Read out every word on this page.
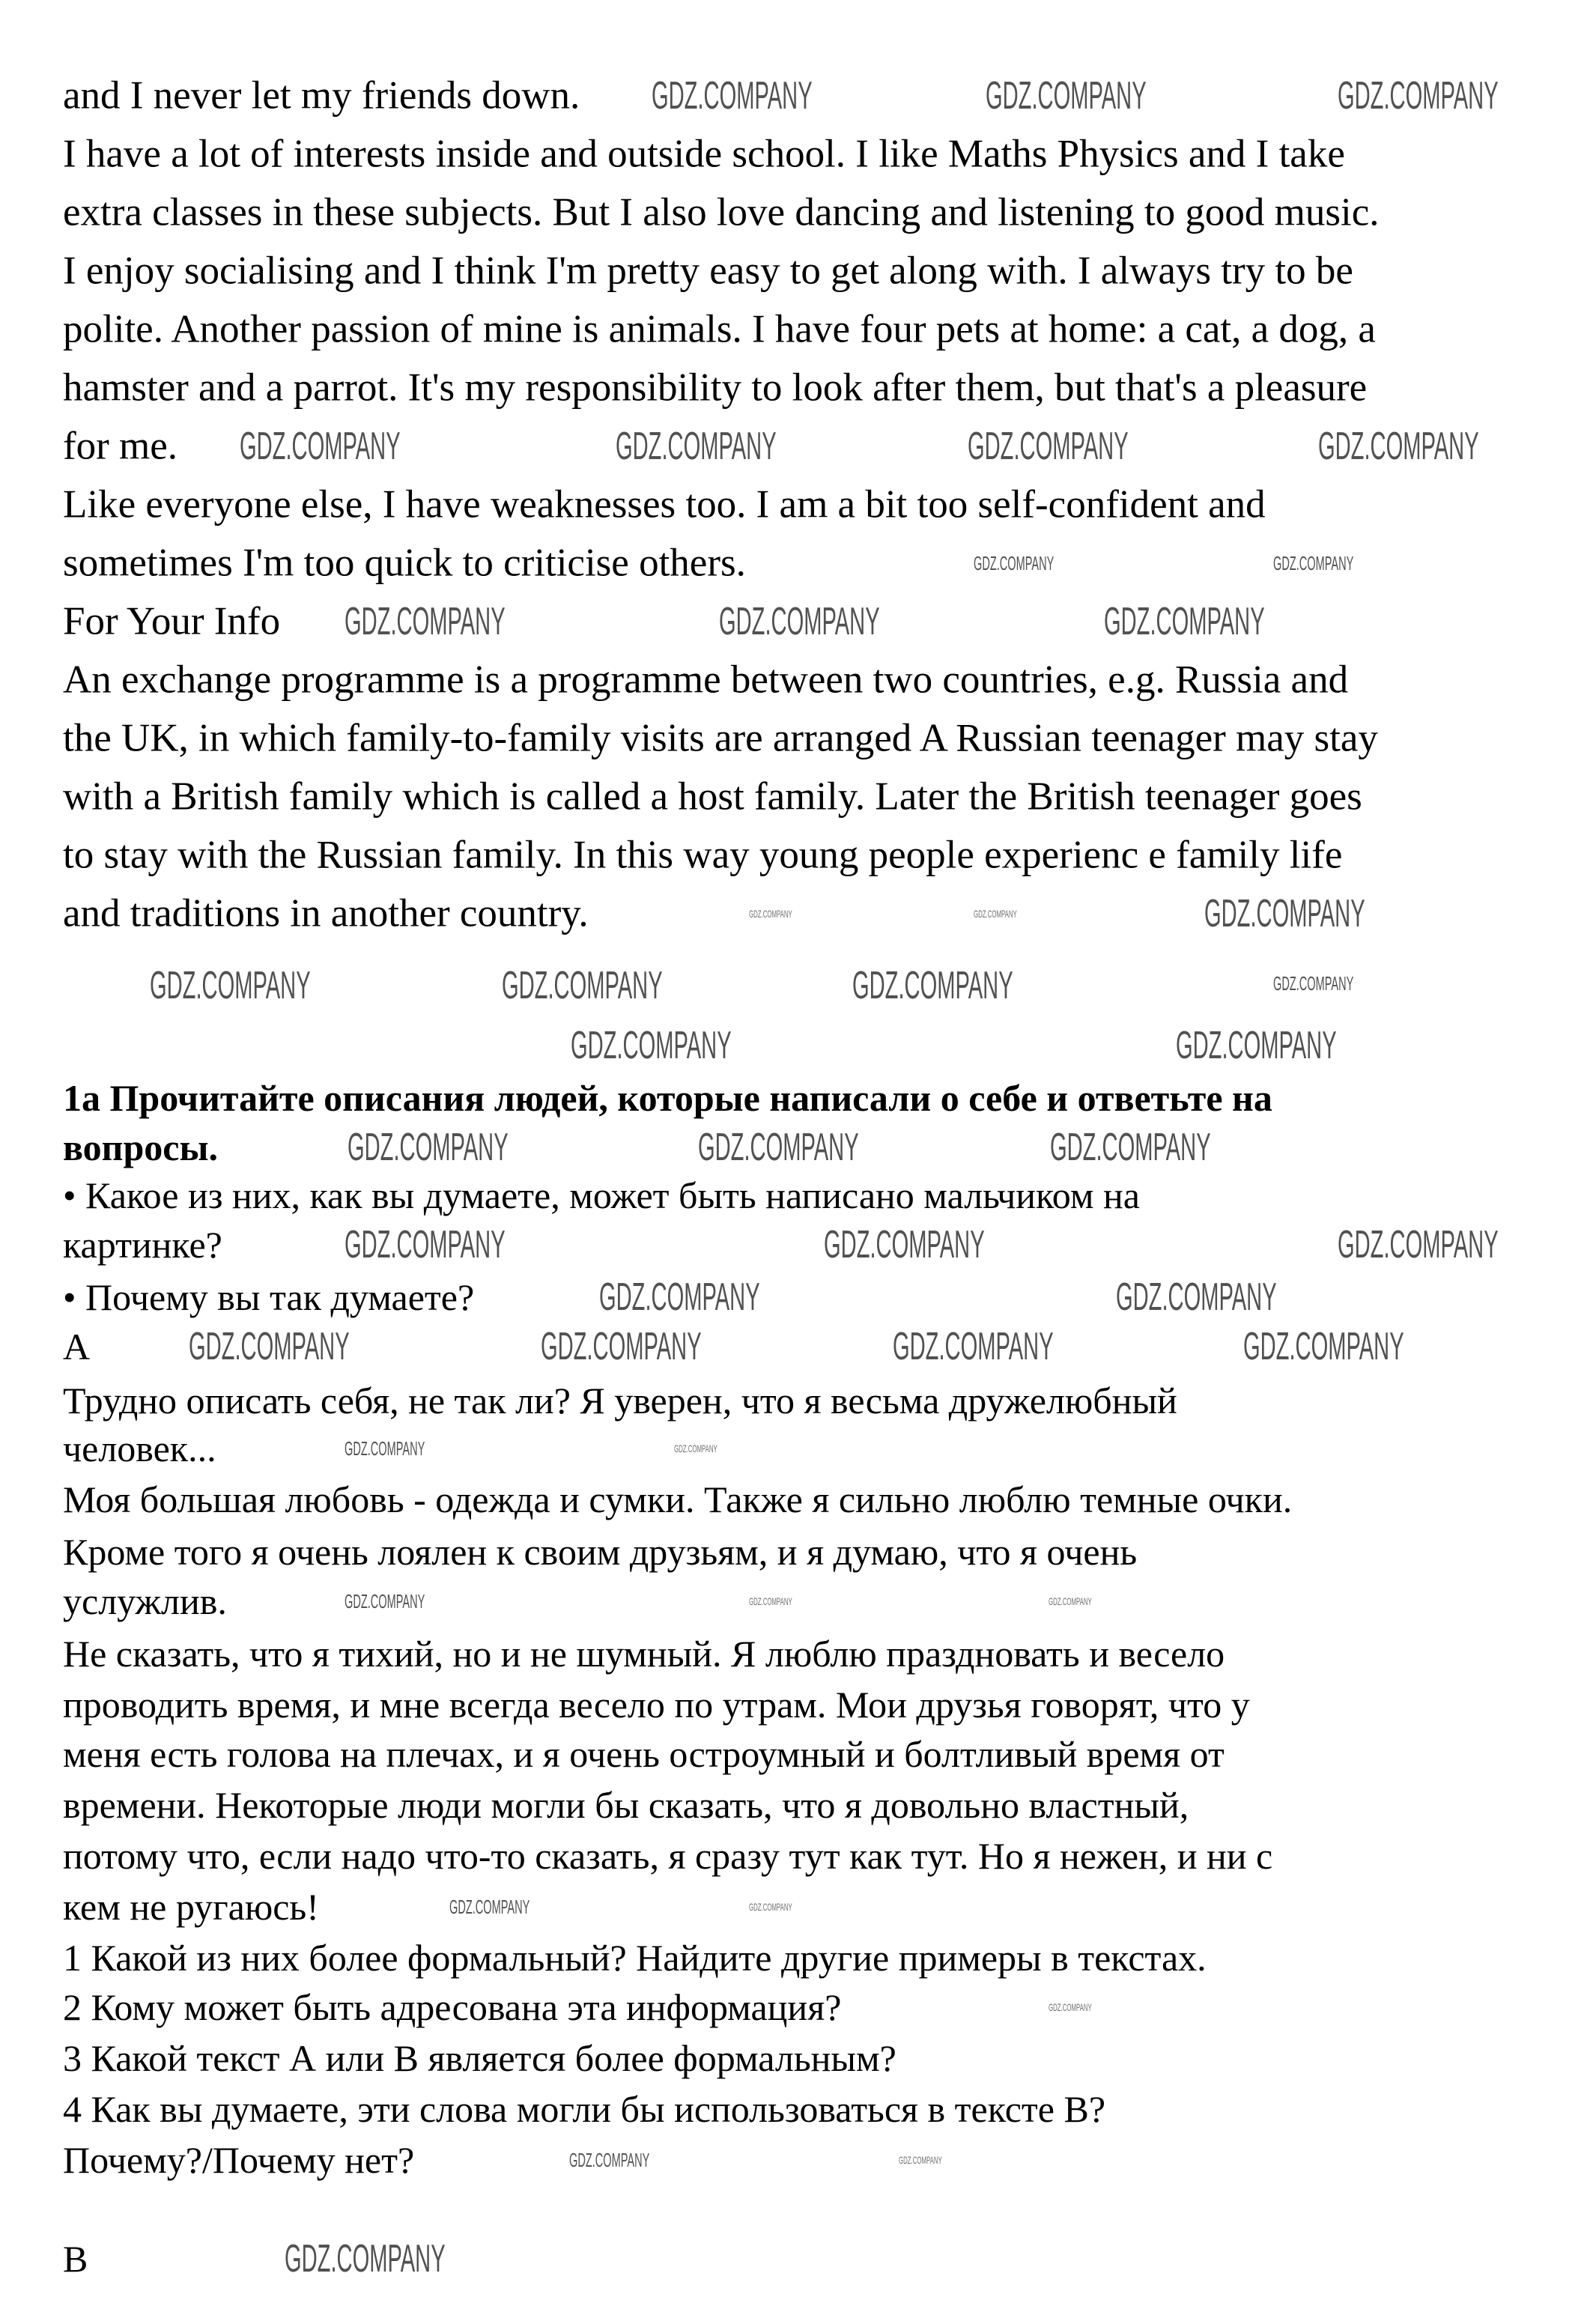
and I never let my friends down.
I have a lot of interests inside and outside school. I like Maths Physics and I take
extra classes in these subjects. But I also love dancing and listening to good music.
I enjoy socialising and I think I'm pretty easy to get along with. I always try to be
polite. Another passion of mine is animals. I have four pets at home: a cat, a dog, a
hamster and a parrot. It's my responsibility to look after them, but that's a pleasure
for me.
Like everyone else, I have weaknesses too. I am a bit too self-confident and
sometimes I'm too quick to criticise others.
For Your Info
An exchange programme is a programme between two countries, e.g. Russia and
the UK, in which family-to-family visits are arranged A Russian teenager may stay
with a British family which is called a host family. Later the British teenager goes
to stay with the Russian family. In this way young people experienc e family life
and traditions in another country.
1a Прочитайте описания людей, которые написали о себе и ответьте на
вопросы.
• Какое из них, как вы думаете, может быть написано мальчиком на
картинке?
• Почему вы так думаете?
A
Трудно описать себя, не так ли? Я уверен, что я весьма дружелюбный
человек...
Моя большая любовь - одежда и сумки. Также я сильно люблю темные очки.
Кроме того я очень лоялен к своим друзьям, и я думаю, что я очень
услужлив.
Не сказать, что я тихий, но и не шумный. Я люблю праздновать и весело
проводить время, и мне всегда весело по утрам. Мои друзья говорят, что у
меня есть голова на плечах, и я очень остроумный и болтливый время от
времени. Некоторые люди могли бы сказать, что я довольно властный,
потому что, если надо что-то сказать, я сразу тут как тут. Но я нежен, и ни с
кем не ругаюсь!
1 Какой из них более формальный? Найдите другие примеры в текстах.
2 Кому может быть адресована эта информация?
3 Какой текст А или В является более формальным?
4 Как вы думаете, эти слова могли бы использоваться в тексте В?
Почему?/Почему нет?
B
GDZ.COMPANY	GDZ.COMPANY	GDZ.COMPANY
GDZ.COMPANY	GDZ.COMPANY
GDZ.COMPANY	GDZ.COMPANY	GDZ.COMPANY	GDZ.COMPANY
GDZ.COMPANY	GDZ.COMPANY
GDZ.COMPANY
GDZ.COMPANY
GDZ.COMPANY	GDZ.COMPANY	GDZ.COMPANY	GDZ.COMPANY
GDZ.COMPANY	GDZ.COMPANY	GDZ.COMPANY
GDZ.COMPANY	GDZ.COMPANY	GDZ.COMPANY	GDZ.COMPANY
GDZ.COMPANY	GDZ.COMPANY
GDZ.COMPANY
GDZ.COMPANY
GDZ.COMPANY
GDZ.COMPANY
GDZ.COMPANY	GDZ.COMPANY
GDZ.COMPANY
GDZ.COMPANY	GDZ.COMPANY
GDZ.COMPANY
GDZ.COMPANY	GDZ.COMPANY
GDZ.COMPANY	GDZ.COMPANY
GDZ.COMPANY
GDZ.COMPANY
GDZ.COMPANY
GDZ.COMPANY
